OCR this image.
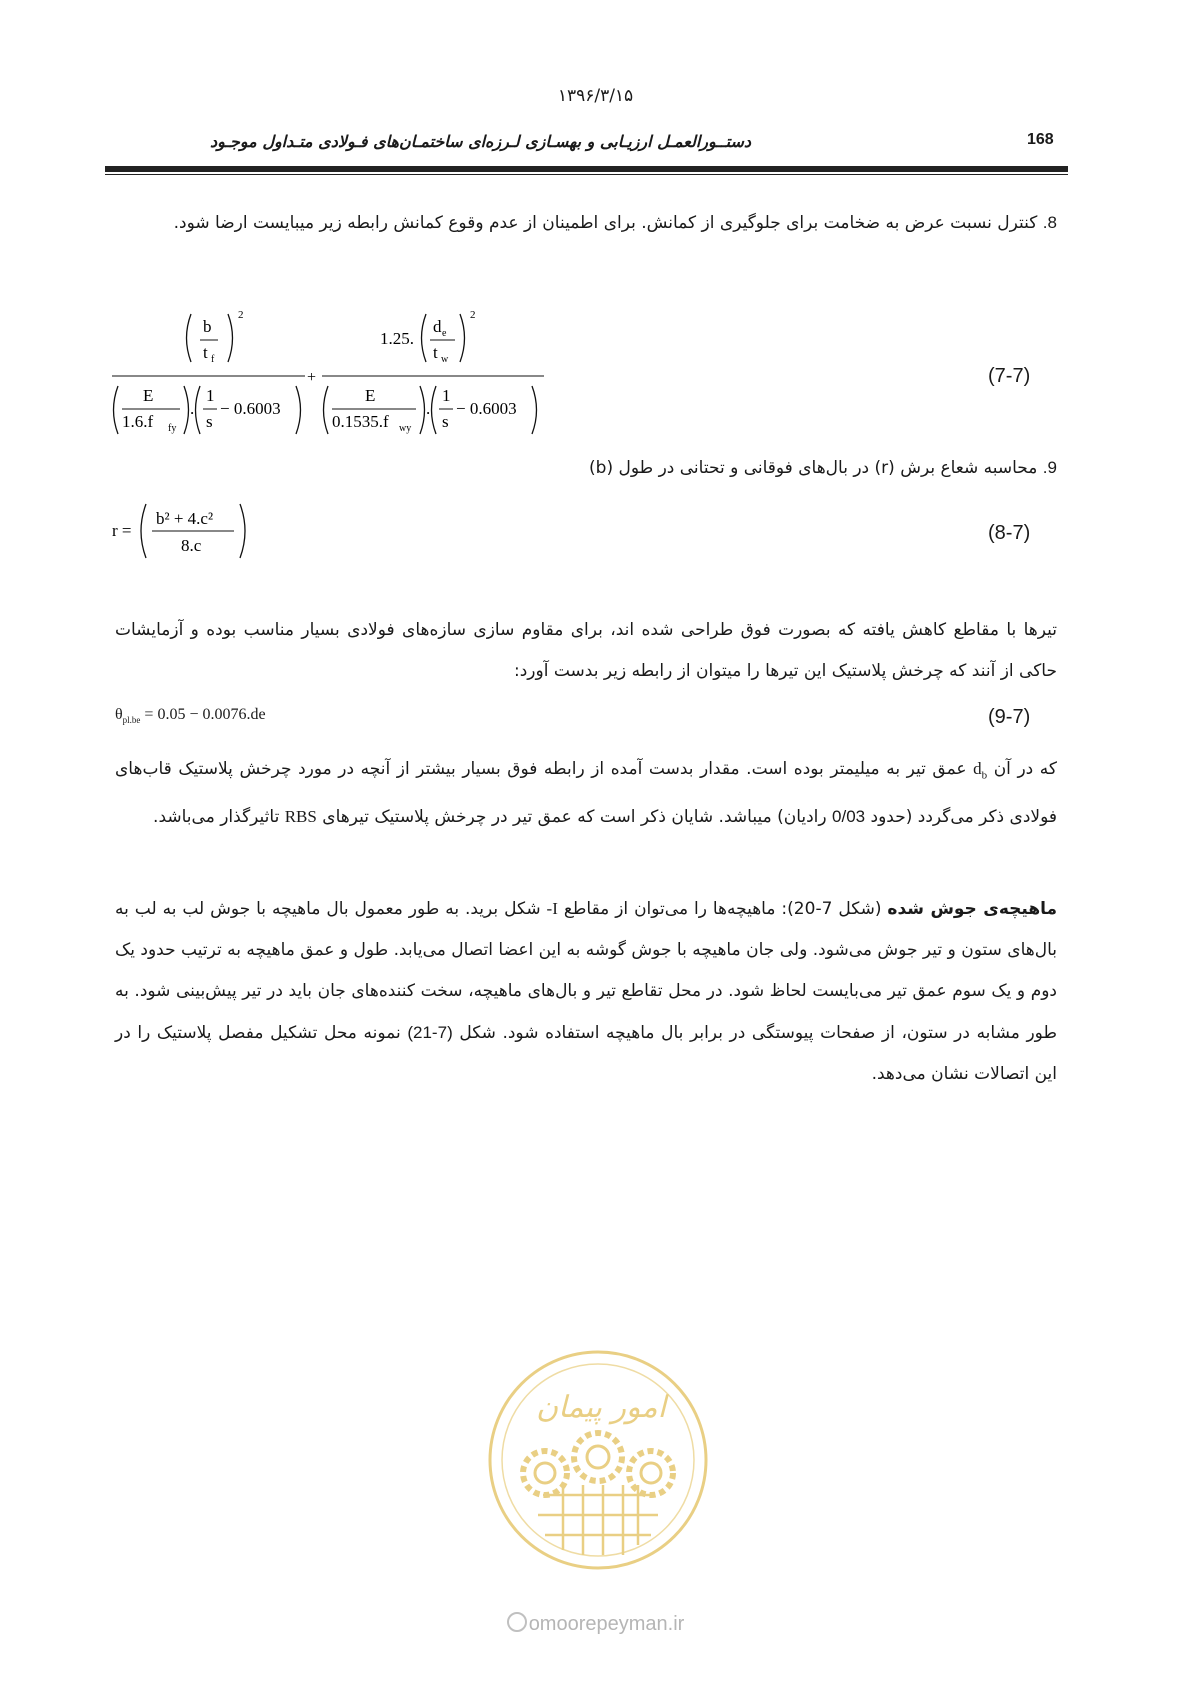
۱۳۹۶/۳/۱۵
دستــورالعمـل ارزیـابی و بهسـازی لـرزه‌ای ساختمـان‌های فـولادی متـداول موجـود	168
8. کنترل نسبت عرض به ضخامت برای جلوگیری از کمانش. برای اطمینان از عدم وقوع کمانش رابطه زیر میبایست ارضا شود.
b
t f
2
E
1.6.f fy
.
1
s
− 0.6003
+
1.25.
d e
t w
2
E
0.1535.f wy
.
1
s
− 0.6003
(7-7)
9. محاسبه شعاع برش (r) در بال‌های فوقانی و تحتانی در طول (b)
r =
b² + 4.c²
8.c
(8-7)
تیرها با مقاطع کاهش یافته که بصورت فوق طراحی شده اند، برای مقاوم سازی سازه‌های فولادی بسیار مناسب بوده و آزمایشات حاکی از آنند که چرخش پلاستیک این تیرها را میتوان از رابطه زیر بدست آورد:
$\theta_{pl.be} = 0.05 - 0.0076.de$	(9-7)
که در آن $d_b$ عمق تیر به میلیمتر بوده است. مقدار بدست آمده از رابطه فوق بسیار بیشتر از آنچه در مورد چرخش پلاستیک قاب‌های فولادی ذکر می‌گردد (حدود 0/03 رادیان) میباشد. شایان ذکر است که عمق تیر در چرخش پلاستیک تیرهای RBS تاثیرگذار می‌باشد.
ماهیچه‌ی جوش شده (شکل 7-20): ماهیچه‌ها را می‌توان از مقاطع I- شکل برید. به طور معمول بال ماهیچه با جوش لب به لب به بال‌های ستون و تیر جوش می‌شود. ولی جان ماهیچه با جوش گوشه به این اعضا اتصال می‌یابد. طول و عمق ماهیچه به ترتیب حدود یک دوم و یک سوم عمق تیر می‌بایست لحاظ شود. در محل تقاطع تیر و بال‌های ماهیچه، سخت کننده‌های جان باید در تیر پیش‌بینی شود. به طور مشابه در ستون، از صفحات پیوستگی در برابر بال ماهیچه استفاده شود. شکل (7-21) نمونه محل تشکیل مفصل پلاستیک را در این اتصالات نشان می‌دهد.
امور پیمان
omoorepeyman.ir
